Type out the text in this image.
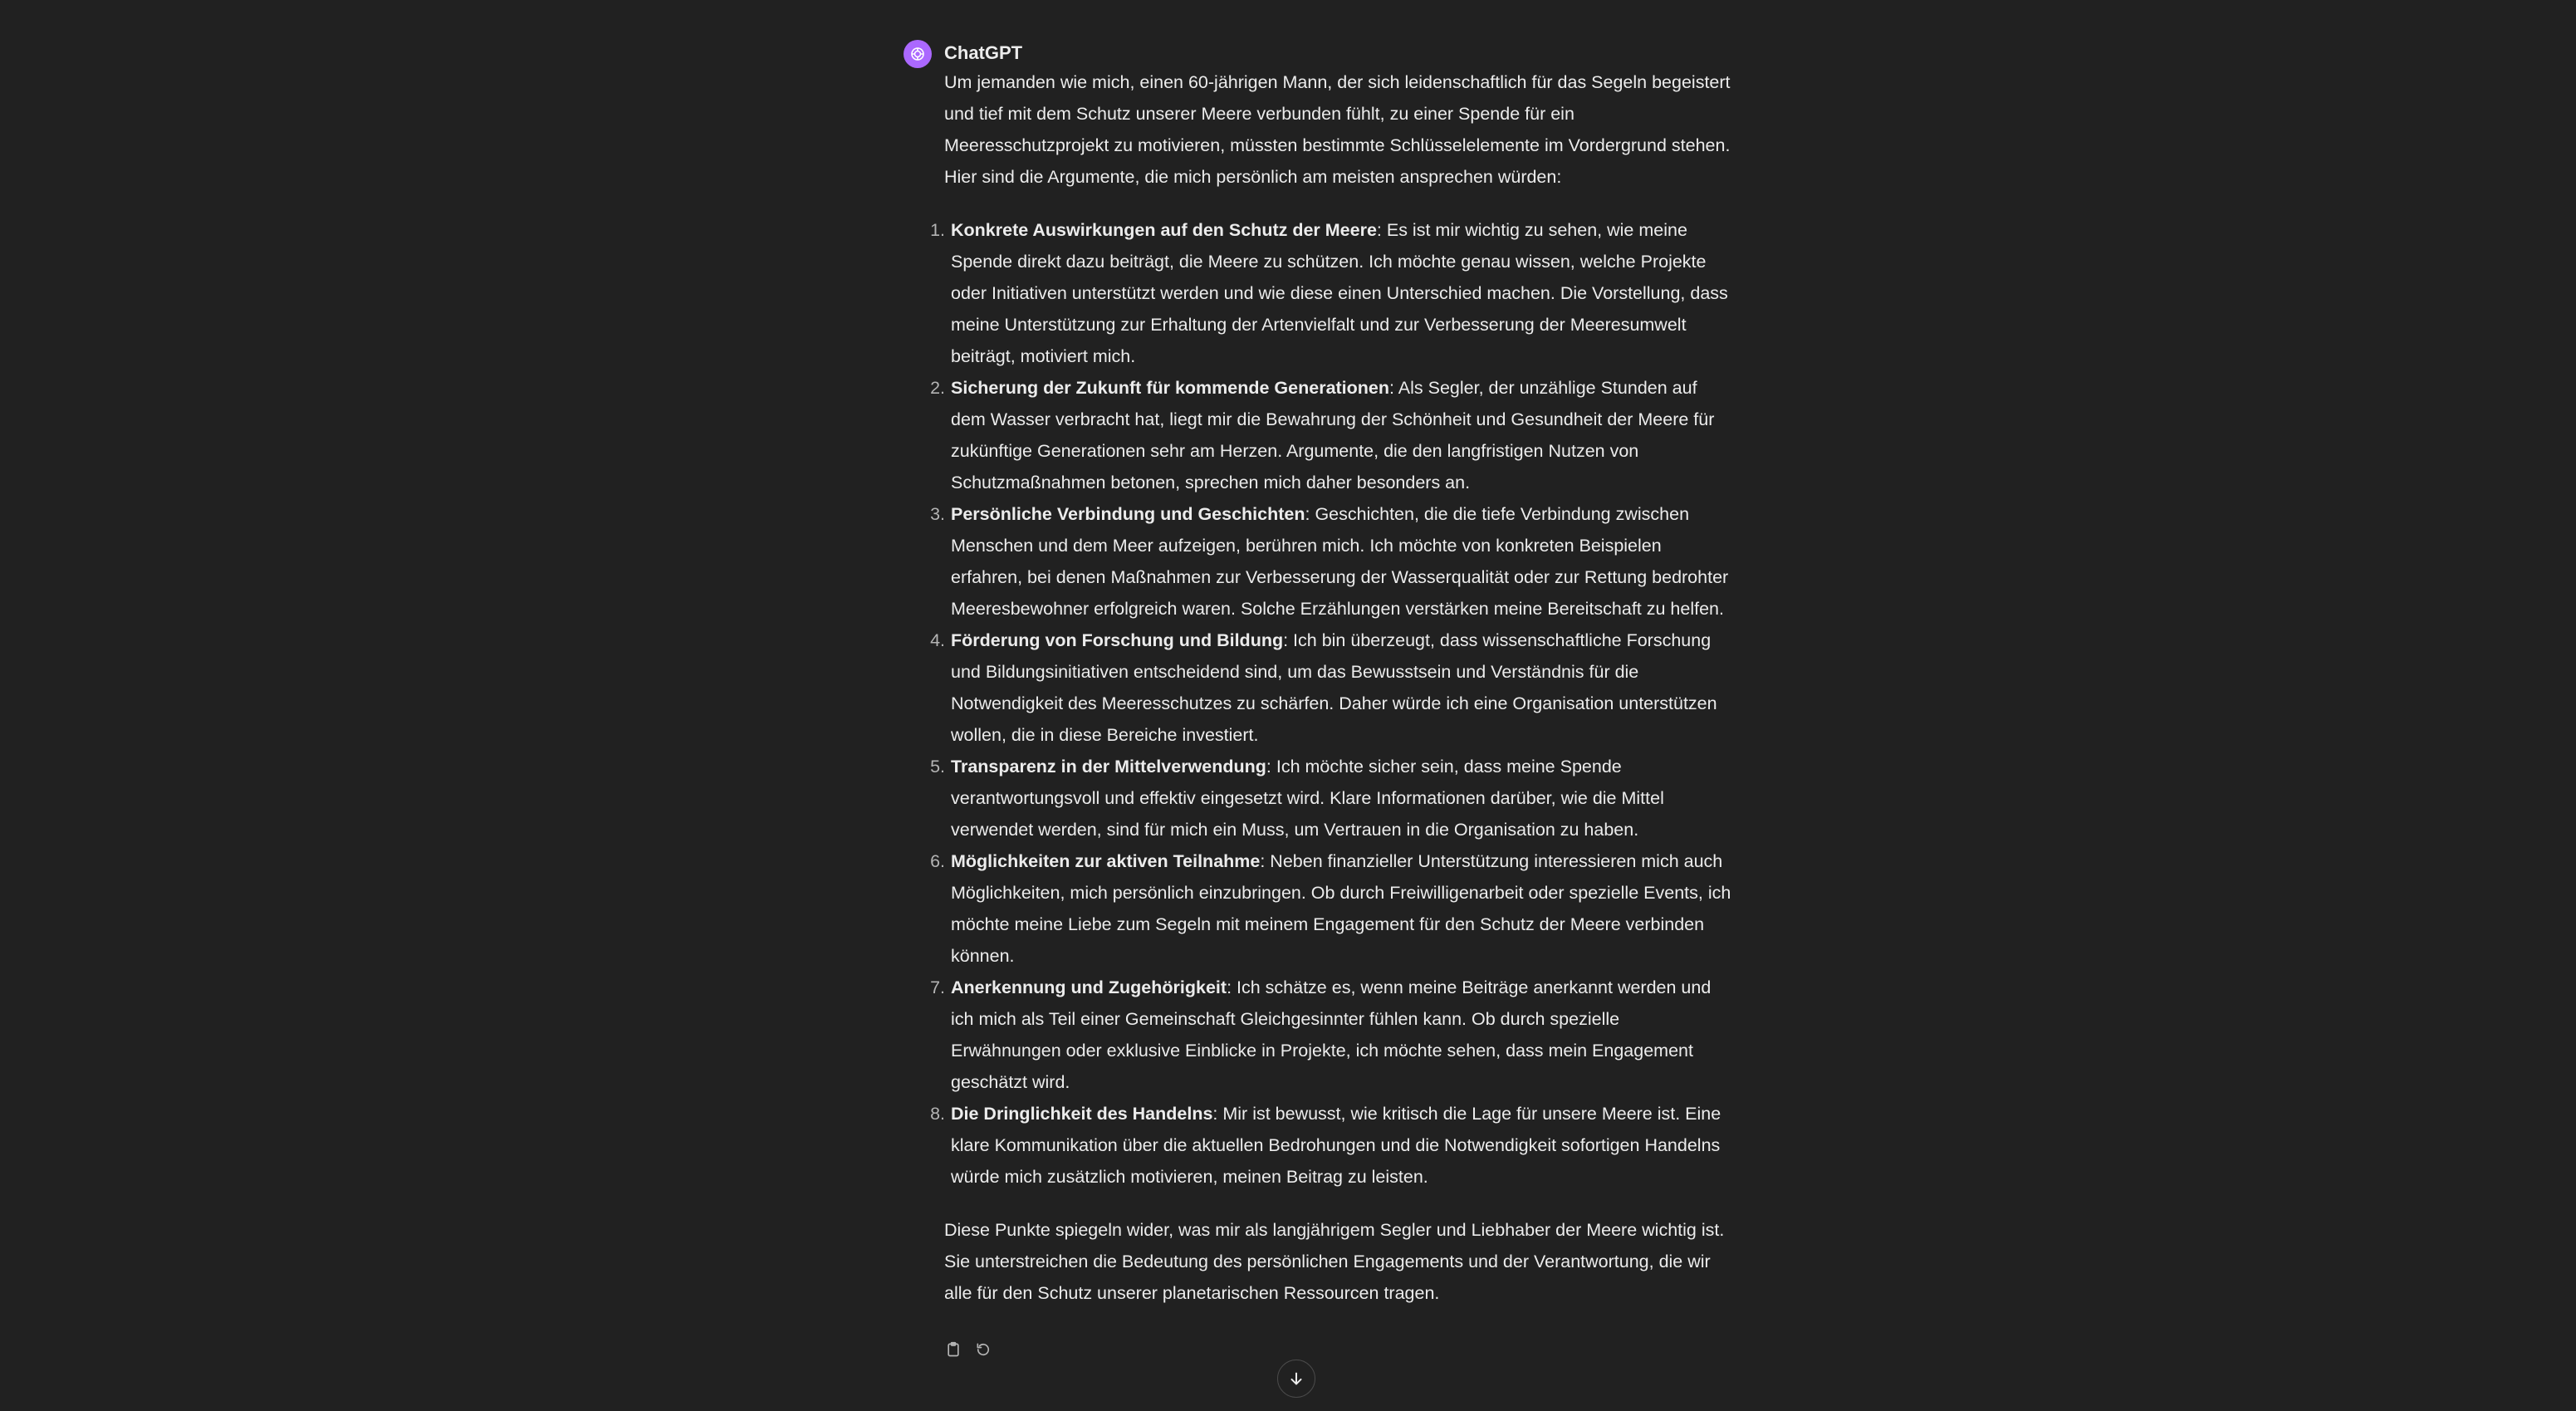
ChatGPT

Um jemanden wie mich, einen 60-jährigen Mann, der sich leidenschaftlich für das Segeln begeistert und tief mit dem Schutz unserer Meere verbunden fühlt, zu einer Spende für ein Meeresschutzprojekt zu motivieren, müssten bestimmte Schlüsselelemente im Vordergrund stehen. Hier sind die Argumente, die mich persönlich am meisten ansprechen würden:

1. Konkrete Auswirkungen auf den Schutz der Meere: Es ist mir wichtig zu sehen, wie meine Spende direkt dazu beiträgt, die Meere zu schützen. Ich möchte genau wissen, welche Projekte oder Initiativen unterstützt werden und wie diese einen Unterschied machen. Die Vorstellung, dass meine Unterstützung zur Erhaltung der Artenvielfalt und zur Verbesserung der Meeresumwelt beiträgt, motiviert mich.
2. Sicherung der Zukunft für kommende Generationen: Als Segler, der unzählige Stunden auf dem Wasser verbracht hat, liegt mir die Bewahrung der Schönheit und Gesundheit der Meere für zukünftige Generationen sehr am Herzen. Argumente, die den langfristigen Nutzen von Schutzmaßnahmen betonen, sprechen mich daher besonders an.
3. Persönliche Verbindung und Geschichten: Geschichten, die die tiefe Verbindung zwischen Menschen und dem Meer aufzeigen, berühren mich. Ich möchte von konkreten Beispielen erfahren, bei denen Maßnahmen zur Verbesserung der Wasserqualität oder zur Rettung bedrohter Meeresbewohner erfolgreich waren. Solche Erzählungen verstärken meine Bereitschaft zu helfen.
4. Förderung von Forschung und Bildung: Ich bin überzeugt, dass wissenschaftliche Forschung und Bildungsinitiativen entscheidend sind, um das Bewusstsein und Verständnis für die Notwendigkeit des Meeresschutzes zu schärfen. Daher würde ich eine Organisation unterstützen wollen, die in diese Bereiche investiert.
5. Transparenz in der Mittelverwendung: Ich möchte sicher sein, dass meine Spende verantwortungsvoll und effektiv eingesetzt wird. Klare Informationen darüber, wie die Mittel verwendet werden, sind für mich ein Muss, um Vertrauen in die Organisation zu haben.
6. Möglichkeiten zur aktiven Teilnahme: Neben finanzieller Unterstützung interessieren mich auch Möglichkeiten, mich persönlich einzubringen. Ob durch Freiwilligenarbeit oder spezielle Events, ich möchte meine Liebe zum Segeln mit meinem Engagement für den Schutz der Meere verbinden können.
7. Anerkennung und Zugehörigkeit: Ich schätze es, wenn meine Beiträge anerkannt werden und ich mich als Teil einer Gemeinschaft Gleichgesinnter fühlen kann. Ob durch spezielle Erwähnungen oder exklusive Einblicke in Projekte, ich möchte sehen, dass mein Engagement geschätzt wird.
8. Die Dringlichkeit des Handelns: Mir ist bewusst, wie kritisch die Lage für unsere Meere ist. Eine klare Kommunikation über die aktuellen Bedrohungen und die Notwendigkeit sofortigen Handelns würde mich zusätzlich motivieren, meinen Beitrag zu leisten.

Diese Punkte spiegeln wider, was mir als langjährigem Segler und Liebhaber der Meere wichtig ist. Sie unterstreichen die Bedeutung des persönlichen Engagements und der Verantwortung, die wir alle für den Schutz unserer planetarischen Ressourcen tragen.
